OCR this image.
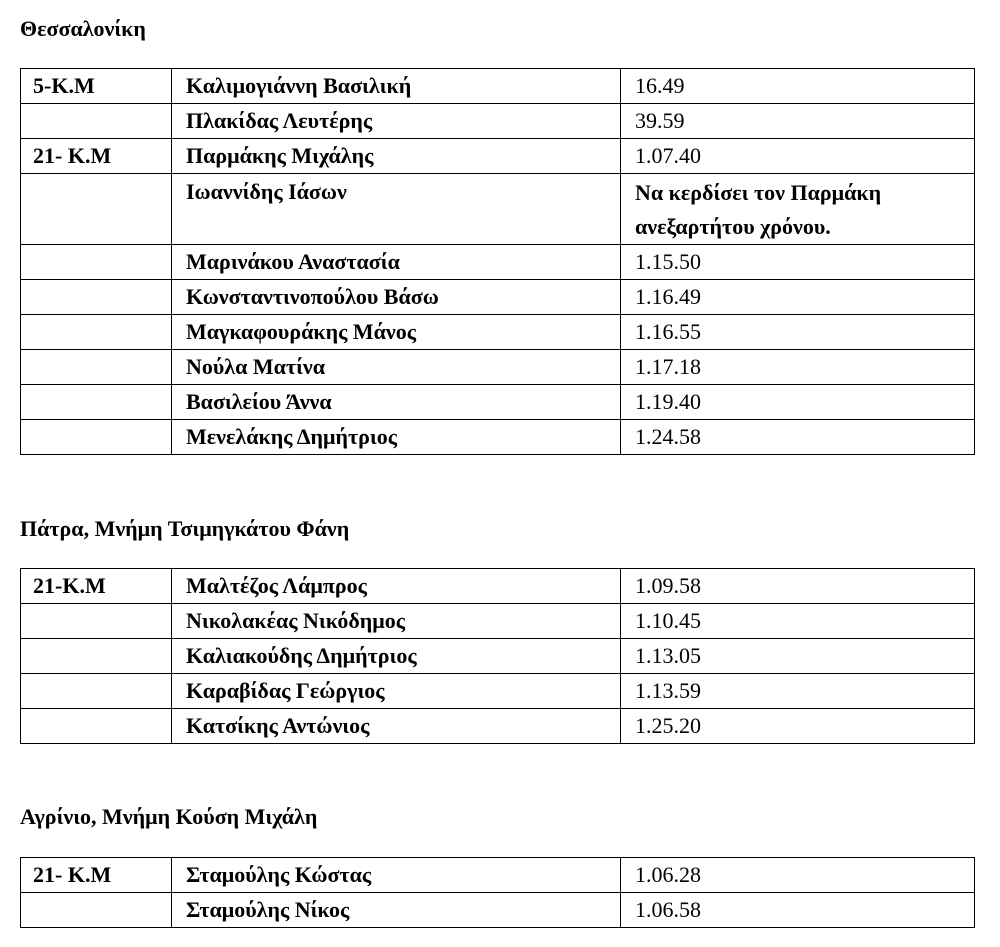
Θεσσαλονίκη
5-Κ.Μ	Καλιμογιάννη Βασιλική	16.49
	Πλακίδας Λευτέρης	39.59
21- Κ.Μ	Παρμάκης Μιχάλης	1.07.40
	Ιωαννίδης Ιάσων	Να κερδίσει τον Παρμάκη ανεξαρτήτου χρόνου.
	Μαρινάκου Αναστασία	1.15.50
	Κωνσταντινοπούλου Βάσω	1.16.49
	Μαγκαφουράκης Μάνος	1.16.55
	Νούλα Ματίνα	1.17.18
	Βασιλείου Άννα	1.19.40
	Μενελάκης Δημήτριος	1.24.58
Πάτρα, Μνήμη Τσιμηγκάτου Φάνη
21-Κ.Μ	Μαλτέζος Λάμπρος	1.09.58
	Νικολακέας Νικόδημος	1.10.45
	Καλιακούδης Δημήτριος	1.13.05
	Καραβίδας Γεώργιος	1.13.59
	Κατσίκης Αντώνιος	1.25.20
Αγρίνιο, Μνήμη Κούση Μιχάλη
21- Κ.Μ	Σταμούλης Κώστας	1.06.28
	Σταμούλης Νίκος	1.06.58
